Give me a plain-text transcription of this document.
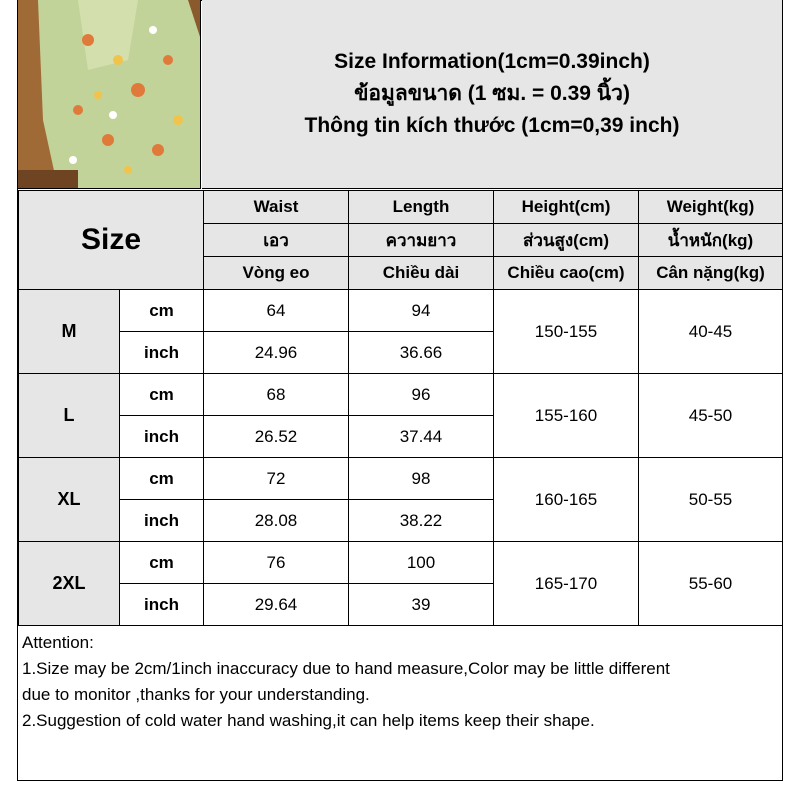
Size Information(1cm=0.39inch)
ข้อมูลขนาด (1 ซม. = 0.39 นิ้ว)
Thông tin kích thước (1cm=0,39 inch)
Size		Waist	Length	Height(cm)	Weight(kg)
		เอว	ความยาว	ส่วนสูง(cm)	น้ำหนัก(kg)
		Vòng eo	Chiều dài	Chiều cao(cm)	Cân nặng(kg)
M	cm	64	94	150-155	40-45
	inch	24.96	36.66		
L	cm	68	96	155-160	45-50
	inch	26.52	37.44		
XL	cm	72	98	160-165	50-55
	inch	28.08	38.22		
2XL	cm	76	100	165-170	55-60
	inch	29.64	39		
Attention:
1.Size may be 2cm/1inch inaccuracy due to hand measure,Color may be little different
due to monitor ,thanks for your understanding.
2.Suggestion of cold water hand washing,it can help items keep their shape.
